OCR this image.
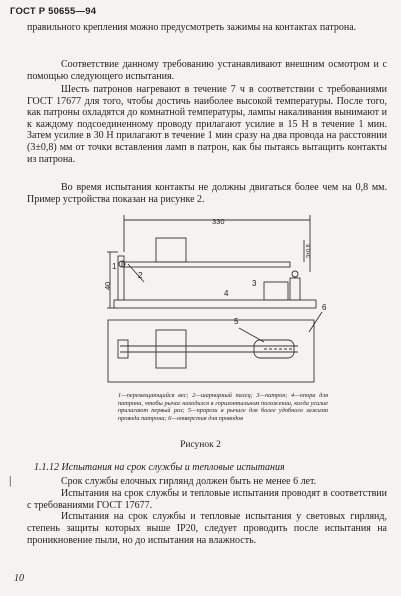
ГОСТ Р 50655—94

правильного крепления можно предусмотреть зажимы на контактах патрона.

Соответствие данному требованию устанавливают внешним осмотром и с помощью следующего испытания.

Шесть патронов нагревают в течение 7 ч в соответствии с требованиями ГОСТ 17677 для того, чтобы достичь наиболее высокой температуры. После того, как патроны охладятся до комнатной температуры, лампы накаливания вынимают и к каждому подсоединенному проводу прилагают усилие в 15 Н в течение 1 мин. Затем усилие в 30 Н прилагают в течение 1 мин сразу на два провода на расстоянии (3±0,8) мм от точки вставления ламп в патрон, как бы пытаясь вытащить контакты из патрона.

Во время испытания контакты не должны двигаться более чем на 0,8 мм. Пример устройства показан на рисунке 2.

330
40
3±0,8
1
2
3
4
5
6
1—перемещающийся вес; 2—шарнирный палец; 3—патрон; 4—опора для патрона, чтобы рычаг находился в горизонтальном положении, когда усилие прилагают первый раз; 5—прорези в рычаге для более удобного зажима провода патрона; 6—отверстия для проводов
Рисунок 2
1.1.12 Испытания на срок службы и тепловые испытания
|	Срок службы елочных гирлянд должен быть не менее 6 лет.

Испытания на срок службы и тепловые испытания проводят в соответствии с требованиями ГОСТ 17677.

Испытания на срок службы и тепловые испытания у световых гирлянд, степень защиты которых выше IP20, следует проводить после испытания на проникновение пыли, но до испытания на влажность.

10
